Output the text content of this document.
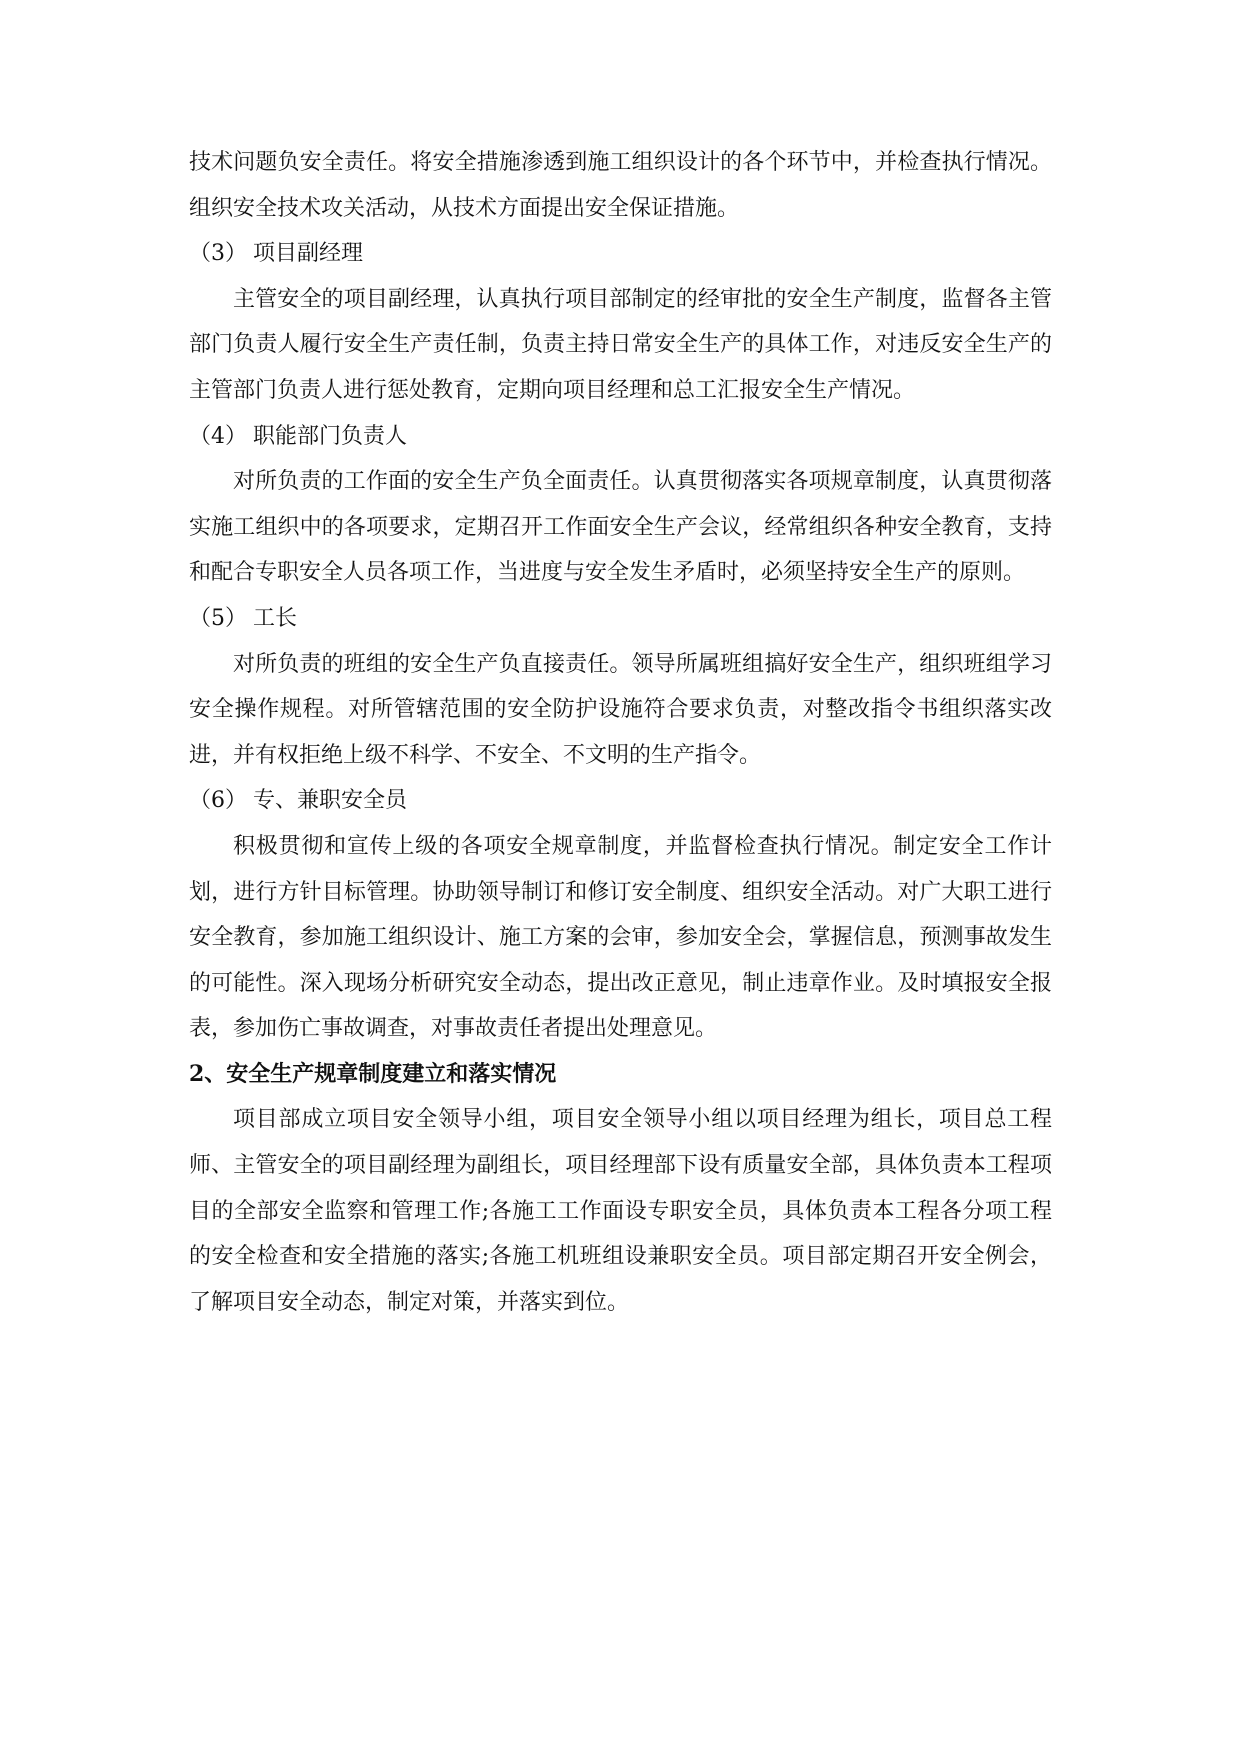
技术问题负安全责任。将安全措施渗透到施工组织设计的各个环节中，并检查执行情况。组织安全技术攻关活动，从技术方面提出安全保证措施。

（3） 项目副经理

主管安全的项目副经理，认真执行项目部制定的经审批的安全生产制度，监督各主管部门负责人履行安全生产责任制，负责主持日常安全生产的具体工作，对违反安全生产的主管部门负责人进行惩处教育，定期向项目经理和总工汇报安全生产情况。

（4） 职能部门负责人

对所负责的工作面的安全生产负全面责任。认真贯彻落实各项规章制度，认真贯彻落实施工组织中的各项要求，定期召开工作面安全生产会议，经常组织各种安全教育，支持和配合专职安全人员各项工作，当进度与安全发生矛盾时，必须坚持安全生产的原则。

（5） 工长

对所负责的班组的安全生产负直接责任。领导所属班组搞好安全生产，组织班组学习安全操作规程。对所管辖范围的安全防护设施符合要求负责，对整改指令书组织落实改进，并有权拒绝上级不科学、不安全、不文明的生产指令。

（6） 专、兼职安全员

积极贯彻和宣传上级的各项安全规章制度，并监督检查执行情况。制定安全工作计划，进行方针目标管理。协助领导制订和修订安全制度、组织安全活动。对广大职工进行安全教育，参加施工组织设计、施工方案的会审，参加安全会，掌握信息，预测事故发生的可能性。深入现场分析研究安全动态，提出改正意见，制止违章作业。及时填报安全报表，参加伤亡事故调查，对事故责任者提出处理意见。

2、安全生产规章制度建立和落实情况

项目部成立项目安全领导小组，项目安全领导小组以项目经理为组长，项目总工程师、主管安全的项目副经理为副组长，项目经理部下设有质量安全部，具体负责本工程项目的全部安全监察和管理工作;各施工工作面设专职安全员，具体负责本工程各分项工程的安全检查和安全措施的落实;各施工机班组设兼职安全员。项目部定期召开安全例会，了解项目安全动态，制定对策，并落实到位。
